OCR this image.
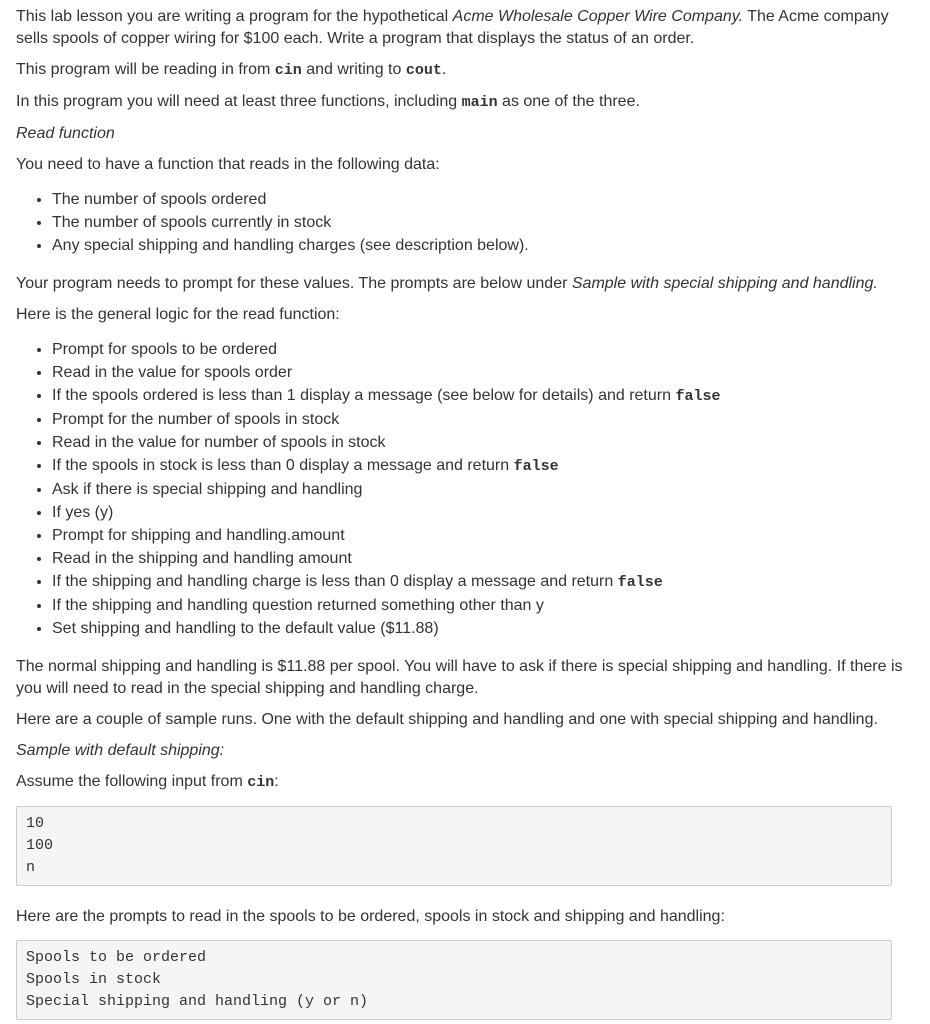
This lab lesson you are writing a program for the hypothetical Acme Wholesale Copper Wire Company. The Acme company sells spools of copper wiring for $100 each. Write a program that displays the status of an order.

This program will be reading in from cin and writing to cout.

In this program you will need at least three functions, including main as one of the three.

Read function

You need to have a function that reads in the following data:

• The number of spools ordered
• The number of spools currently in stock
• Any special shipping and handling charges (see description below).

Your program needs to prompt for these values. The prompts are below under Sample with special shipping and handling.

Here is the general logic for the read function:

• Prompt for spools to be ordered
• Read in the value for spools order
• If the spools ordered is less than 1 display a message (see below for details) and return false
• Prompt for the number of spools in stock
• Read in the value for number of spools in stock
• If the spools in stock is less than 0 display a message and return false
• Ask if there is special shipping and handling
• If yes (y)
• Prompt for shipping and handling.amount
• Read in the shipping and handling amount
• If the shipping and handling charge is less than 0 display a message and return false
• If the shipping and handling question returned something other than y
• Set shipping and handling to the default value ($11.88)

The normal shipping and handling is $11.88 per spool. You will have to ask if there is special shipping and handling. If there is you will need to read in the special shipping and handling charge.

Here are a couple of sample runs. One with the default shipping and handling and one with special shipping and handling.

Sample with default shipping:

Assume the following input from cin:

10
100
n

Here are the prompts to read in the spools to be ordered, spools in stock and shipping and handling:

Spools to be ordered
Spools in stock
Special shipping and handling (y or n)
